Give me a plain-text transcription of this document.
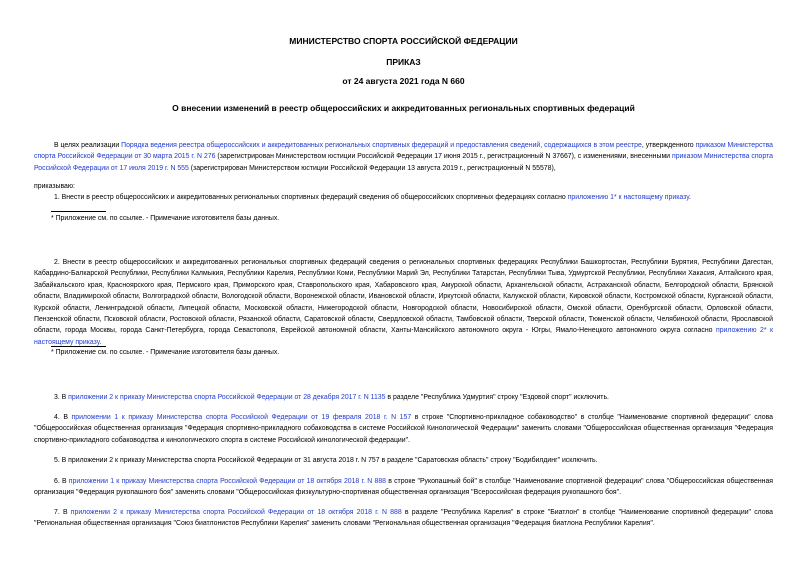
МИНИСТЕРСТВО СПОРТА РОССИЙСКОЙ ФЕДЕРАЦИИ
ПРИКАЗ
от 24 августа 2021 года N 660
О внесении изменений в реестр общероссийских и аккредитованных региональных спортивных федераций
В целях реализации Порядка ведения реестра общероссийских и аккредитованных региональных спортивных федераций и предоставления сведений, содержащихся в этом реестре, утвержденного приказом Министерства спорта Российской Федерации от 30 марта 2015 г. N 276 (зарегистрирован Министерством юстиции Российской Федерации 17 июня 2015 г., регистрационный N 37667), с изменениями, внесенными приказом Министерства спорта Российской Федерации от 17 июля 2019 г. N 555 (зарегистрирован Министерством юстиции Российской Федерации 13 августа 2019 г., регистрационный N 55578),
приказываю:
1. Внести в реестр общероссийских и аккредитованных региональных спортивных федераций сведения об общероссийских спортивных федерациях согласно приложению 1* к настоящему приказу.
* Приложение см. по ссылке. - Примечание изготовителя базы данных.
2. Внести в реестр общероссийских и аккредитованных региональных спортивных федераций сведения о региональных спортивных федерациях Республики Башкортостан, Республики Бурятия, Республики Дагестан, Кабардино-Балкарской Республики, Республики Калмыкия, Республики Карелия, Республики Коми, Республики Марий Эл, Республики Татарстан, Республики Тыва, Удмуртской Республики, Республики Хакасия, Алтайского края, Забайкальского края, Красноярского края, Пермского края, Приморского края, Ставропольского края, Хабаровского края, Амурской области, Архангельской области, Астраханской области, Белгородской области, Брянской области, Владимирской области, Волгоградской области, Вологодской области, Воронежской области, Ивановской области, Иркутской области, Калужской области, Кировской области, Костромской области, Курганской области, Курской области, Ленинградской области, Липецкой области, Московской области, Нижегородской области, Новгородской области, Новосибирской области, Омской области, Оренбургской области, Орловской области, Пензенской области, Псковской области, Ростовской области, Рязанской области, Саратовской области, Свердловской области, Тамбовской области, Тверской области, Тюменской области, Челябинской области, Ярославской области, города Москвы, города Санкт-Петербурга, города Севастополя, Еврейской автономной области, Ханты-Мансийского автономного округа - Югры, Ямало-Ненецкого автономного округа согласно приложению 2* к настоящему приказу.
* Приложение см. по ссылке. - Примечание изготовителя базы данных.
3. В приложении 2 к приказу Министерства спорта Российской Федерации от 28 декабря 2017 г. N 1135 в разделе "Республика Удмуртия" строку "Ездовой спорт" исключить.
4. В приложении 1 к приказу Министерства спорта Российской Федерации от 19 февраля 2018 г. N 157 в строке "Спортивно-прикладное собаководство" в столбце "Наименование спортивной федерации" слова "Общероссийская общественная организация "Федерация спортивно-прикладного собаководства в системе Российской Кинологической Федерации" заменить словами "Общероссийская общественная организация "Федерация спортивно-прикладного собаководства и кинологического спорта в системе Российской кинологической федерации".
5. В приложении 2 к приказу Министерства спорта Российской Федерации от 31 августа 2018 г. N 757 в разделе "Саратовская область" строку "Бодибилдинг" исключить.
6. В приложении 1 к приказу Министерства спорта Российской Федерации от 18 октября 2018 г. N 888 в строке "Рукопашный бой" в столбце "Наименование спортивной федерации" слова "Общероссийская общественная организация "Федерация рукопашного боя" заменить словами "Общероссийская физкультурно-спортивная общественная организация "Всероссийская федерация рукопашного боя".
7. В приложении 2 к приказу Министерства спорта Российской Федерации от 18 октября 2018 г. N 888 в разделе "Республика Карелия" в строке "Биатлон" в столбце "Наименование спортивной федерации" слова "Региональная общественная организация "Союз биатлонистов Республики Карелия" заменить словами "Региональная общественная организация "Федерация биатлона Республики Карелия".
